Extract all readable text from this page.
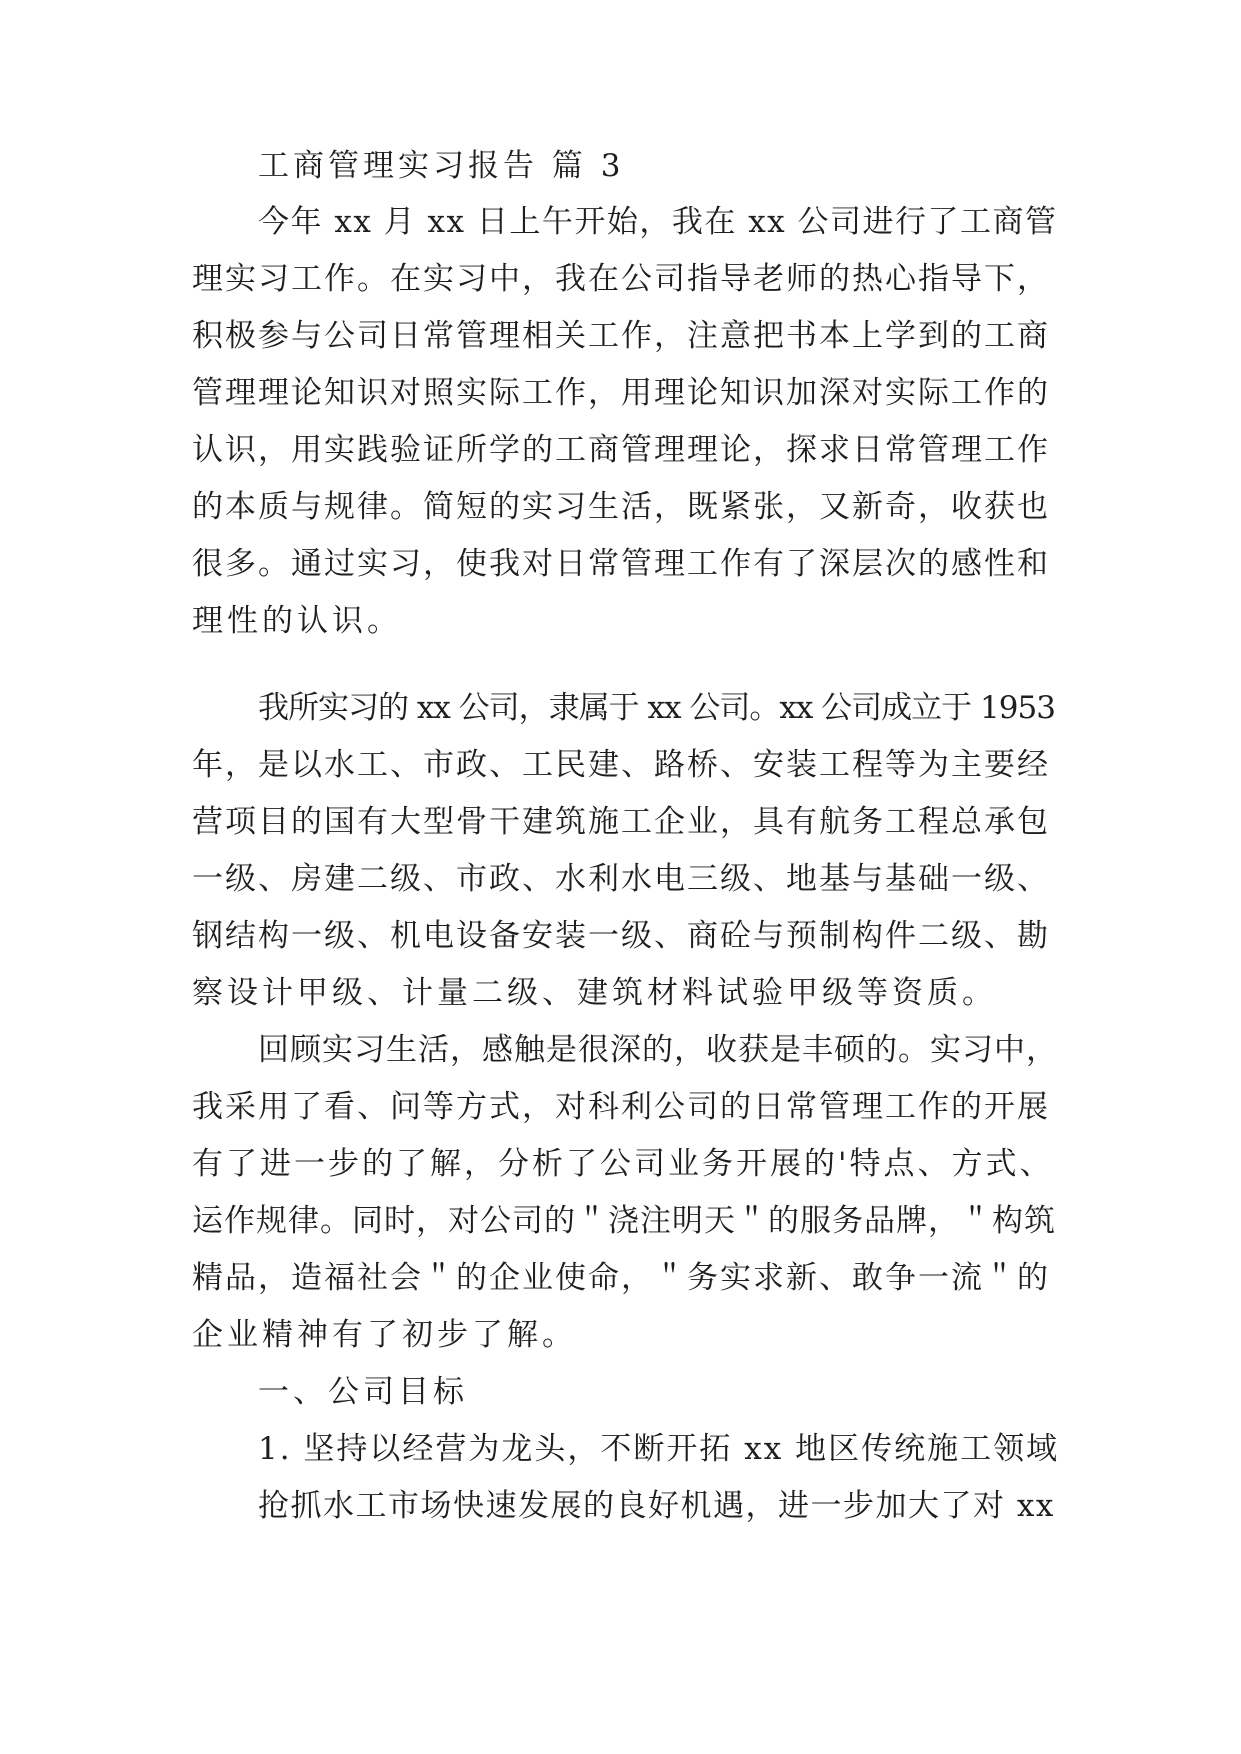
工商管理实习报告 篇 3
今年 xx 月 xx 日上午开始，我在 xx 公司进行了工商管
理实习工作。在实习中，我在公司指导老师的热心指导下，
积极参与公司日常管理相关工作，注意把书本上学到的工商
管理理论知识对照实际工作，用理论知识加深对实际工作的
认识，用实践验证所学的工商管理理论，探求日常管理工作
的本质与规律。简短的实习生活，既紧张，又新奇，收获也
很多。通过实习，使我对日常管理工作有了深层次的感性和
理性的认识。
我所实习的 xx 公司，隶属于 xx 公司。xx 公司成立于 1953
年，是以水工、市政、工民建、路桥、安装工程等为主要经
营项目的国有大型骨干建筑施工企业，具有航务工程总承包
一级、房建二级、市政、水利水电三级、地基与基础一级、
钢结构一级、机电设备安装一级、商砼与预制构件二级、勘
察设计甲级、计量二级、建筑材料试验甲级等资质。
回顾实习生活，感触是很深的，收获是丰硕的。实习中，
我采用了看、问等方式，对科利公司的日常管理工作的开展
有了进一步的了解，分析了公司业务开展的'特点、方式、
运作规律。同时，对公司的＂浇注明天＂的服务品牌，＂构筑
精品，造福社会＂的企业使命，＂务实求新、敢争一流＂的
企业精神有了初步了解。
一、公司目标
1. 坚持以经营为龙头，不断开拓 xx 地区传统施工领域
抢抓水工市场快速发展的良好机遇，进一步加大了对 xx
